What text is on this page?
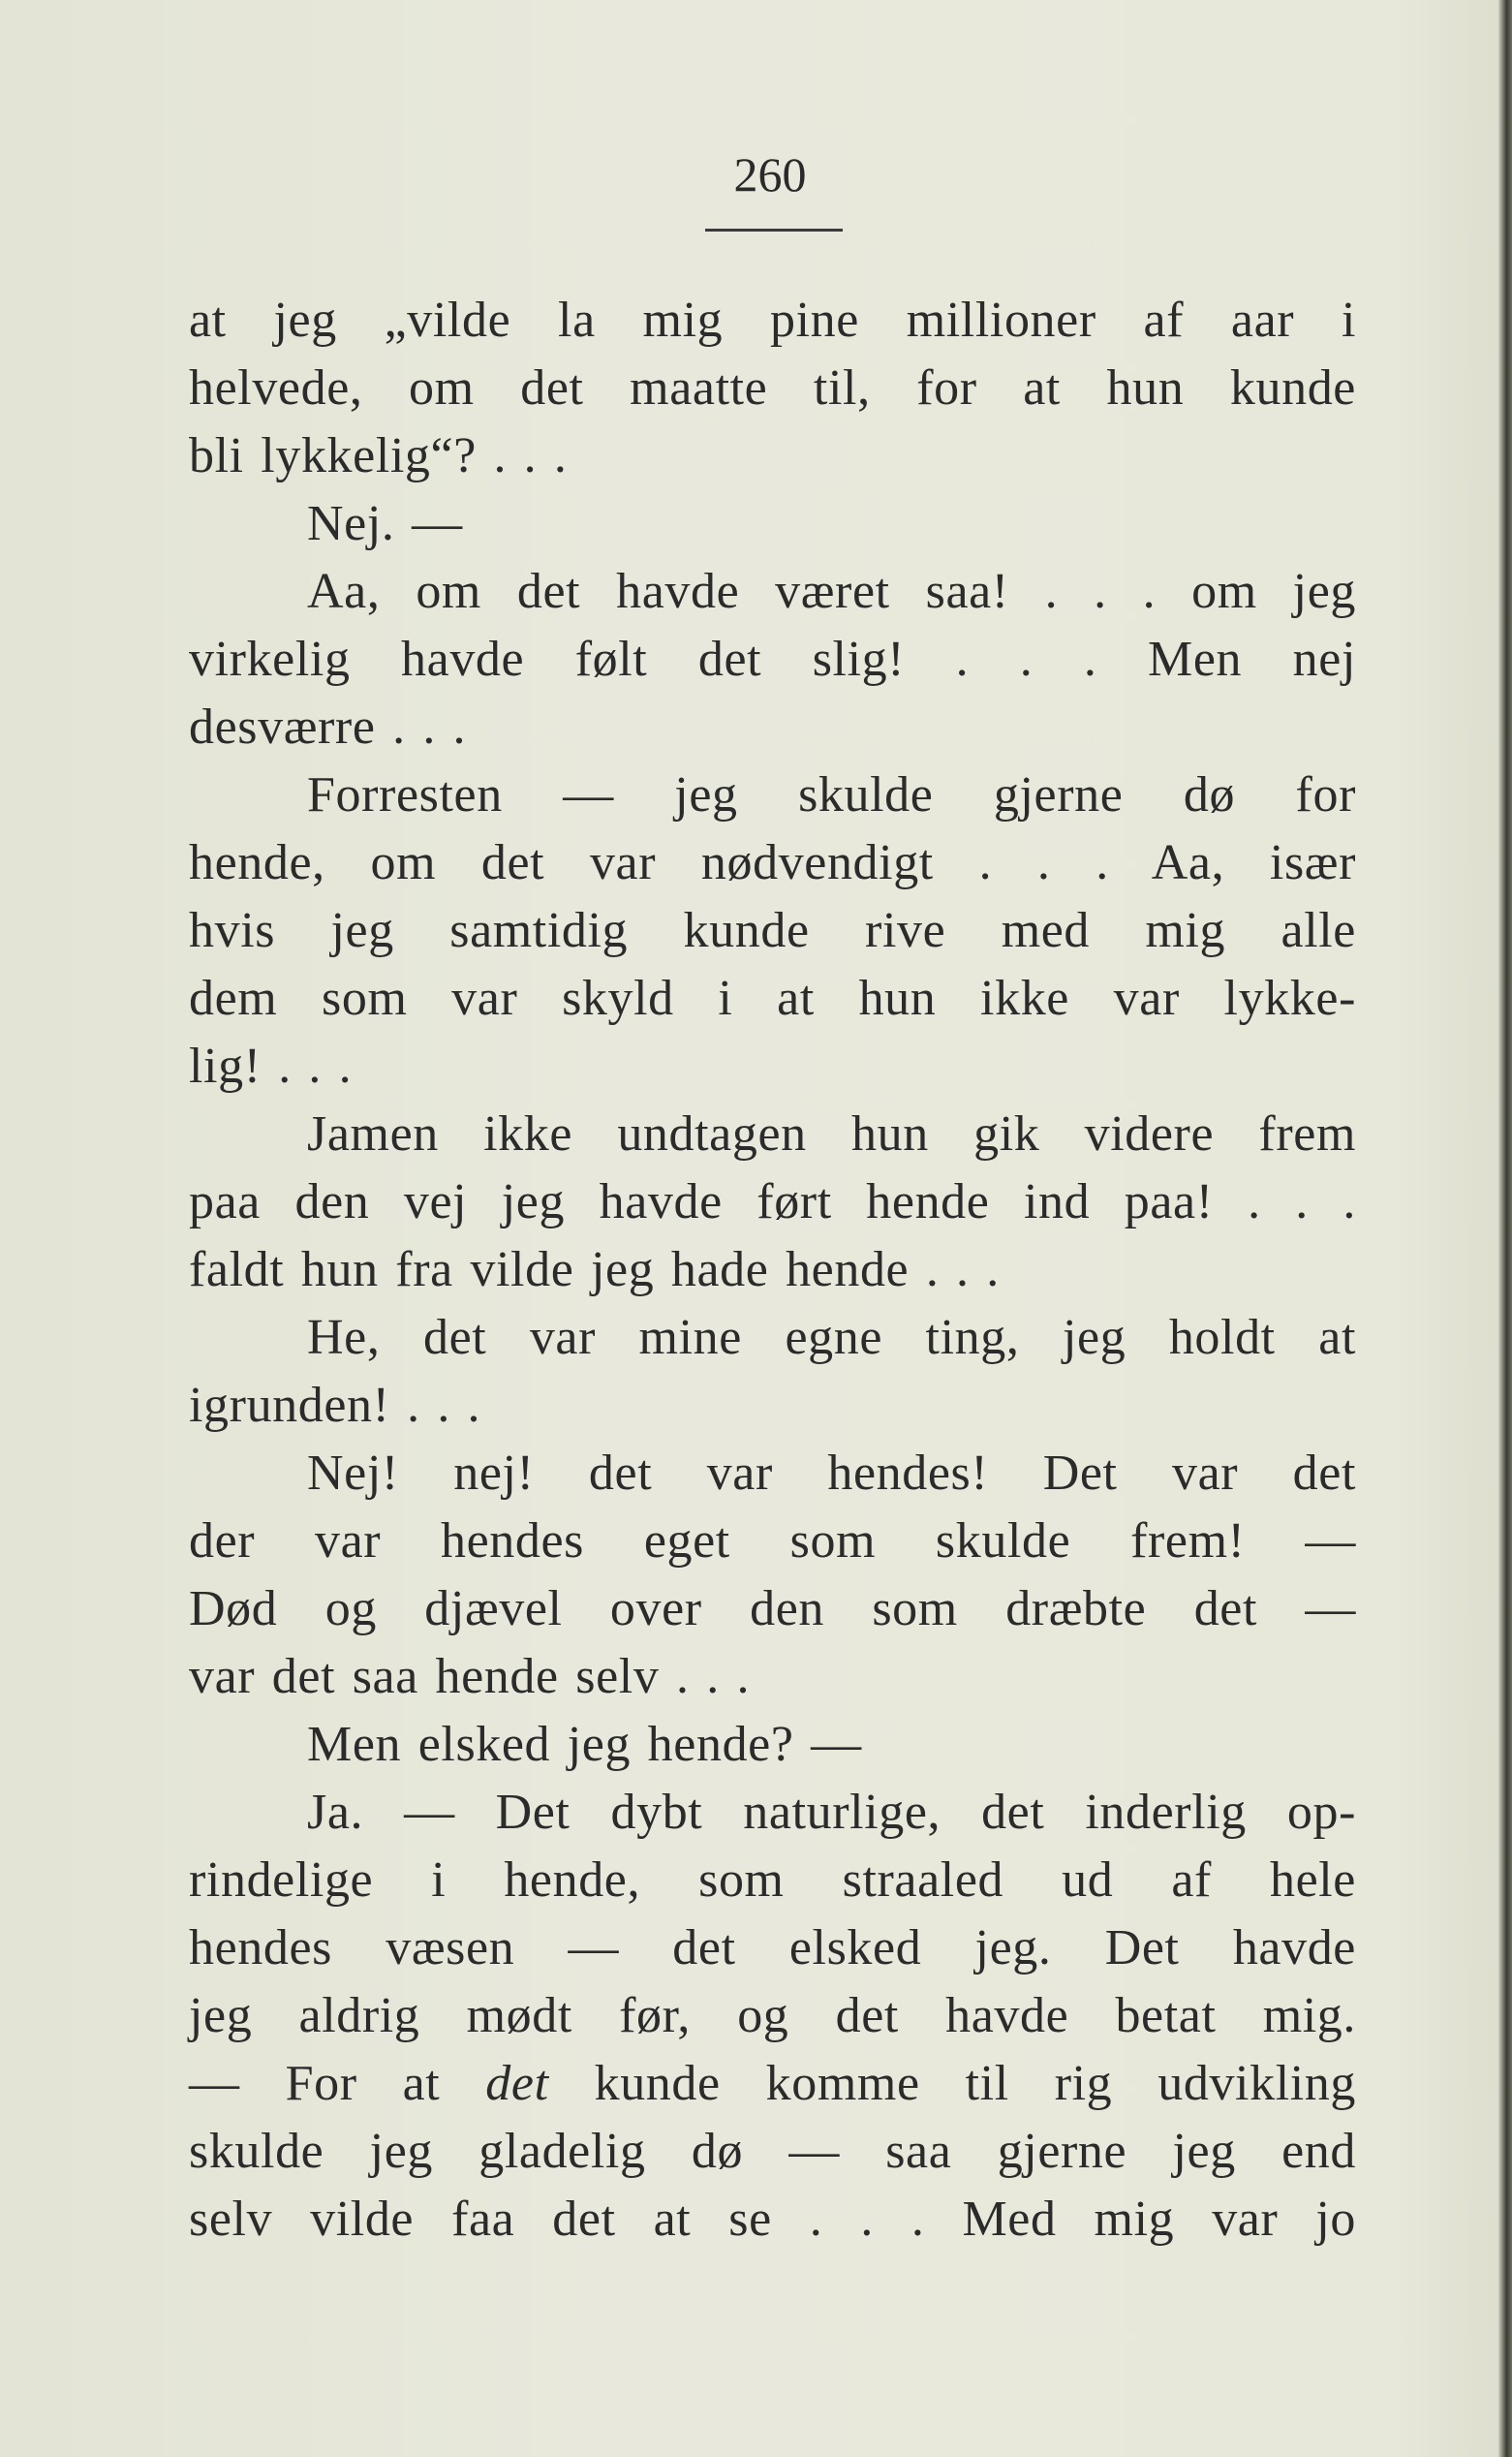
260
at jeg „vilde la mig pine millioner af aar i
helvede, om det maatte til, for at hun kunde
bli lykkelig“? . . .
Nej. —
Aa, om det havde været saa! . . . om jeg
virkelig havde følt det slig! . . . Men nej
desværre . . .
Forresten — jeg skulde gjerne dø for
hende, om det var nødvendigt . . . Aa, især
hvis jeg samtidig kunde rive med mig alle
dem som var skyld i at hun ikke var lykke-
lig! . . .
Jamen ikke undtagen hun gik videre frem
paa den vej jeg havde ført hende ind paa! . . .
faldt hun fra vilde jeg hade hende . . .
He, det var mine egne ting, jeg holdt at
igrunden! . . .
Nej! nej! det var hendes! Det var det
der var hendes eget som skulde frem! —
Død og djævel over den som dræbte det —
var det saa hende selv . . .
Men elsked jeg hende? —
Ja. — Det dybt naturlige, det inderlig op-
rindelige i hende, som straaled ud af hele
hendes væsen — det elsked jeg. Det havde
jeg aldrig mødt før, og det havde betat mig.
— For at det kunde komme til rig udvikling
skulde jeg gladelig dø — saa gjerne jeg end
selv vilde faa det at se . . . Med mig var jo
